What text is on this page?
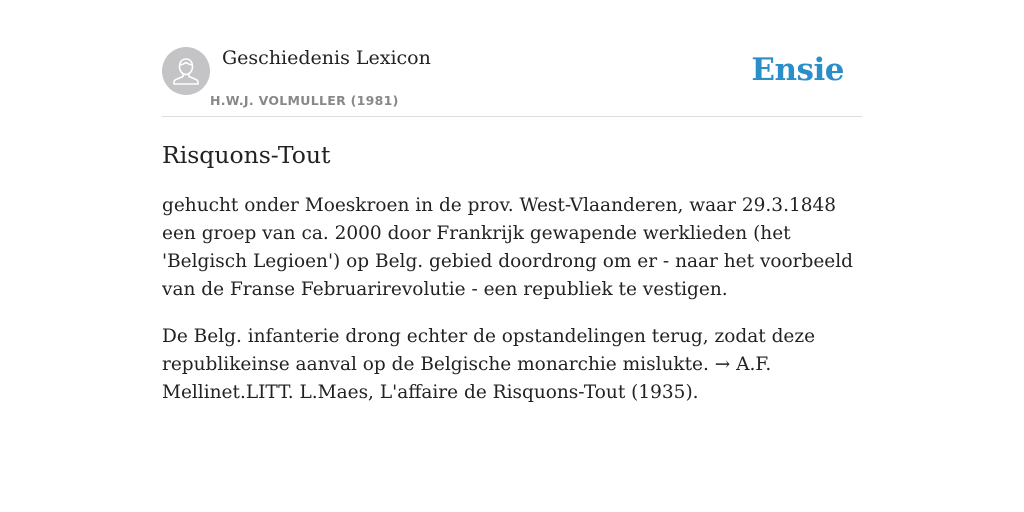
Geschiedenis Lexicon
H.W.J. VOLMULLER (1981)
Ensie
Risquons-Tout

gehucht onder Moeskroen in de prov. West-Vlaanderen, waar 29.3.1848 een groep van ca. 2000 door Frankrijk gewapende werklieden (het 'Belgisch Legioen') op Belg. gebied doordrong om er - naar het voorbeeld van de Franse Februarirevolutie - een republiek te vestigen.

De Belg. infanterie drong echter de opstandelingen terug, zodat deze republikeinse aanval op de Belgische monarchie mislukte. → A.F. Mellinet.LITT. L.Maes, L'affaire de Risquons-Tout (1935).
